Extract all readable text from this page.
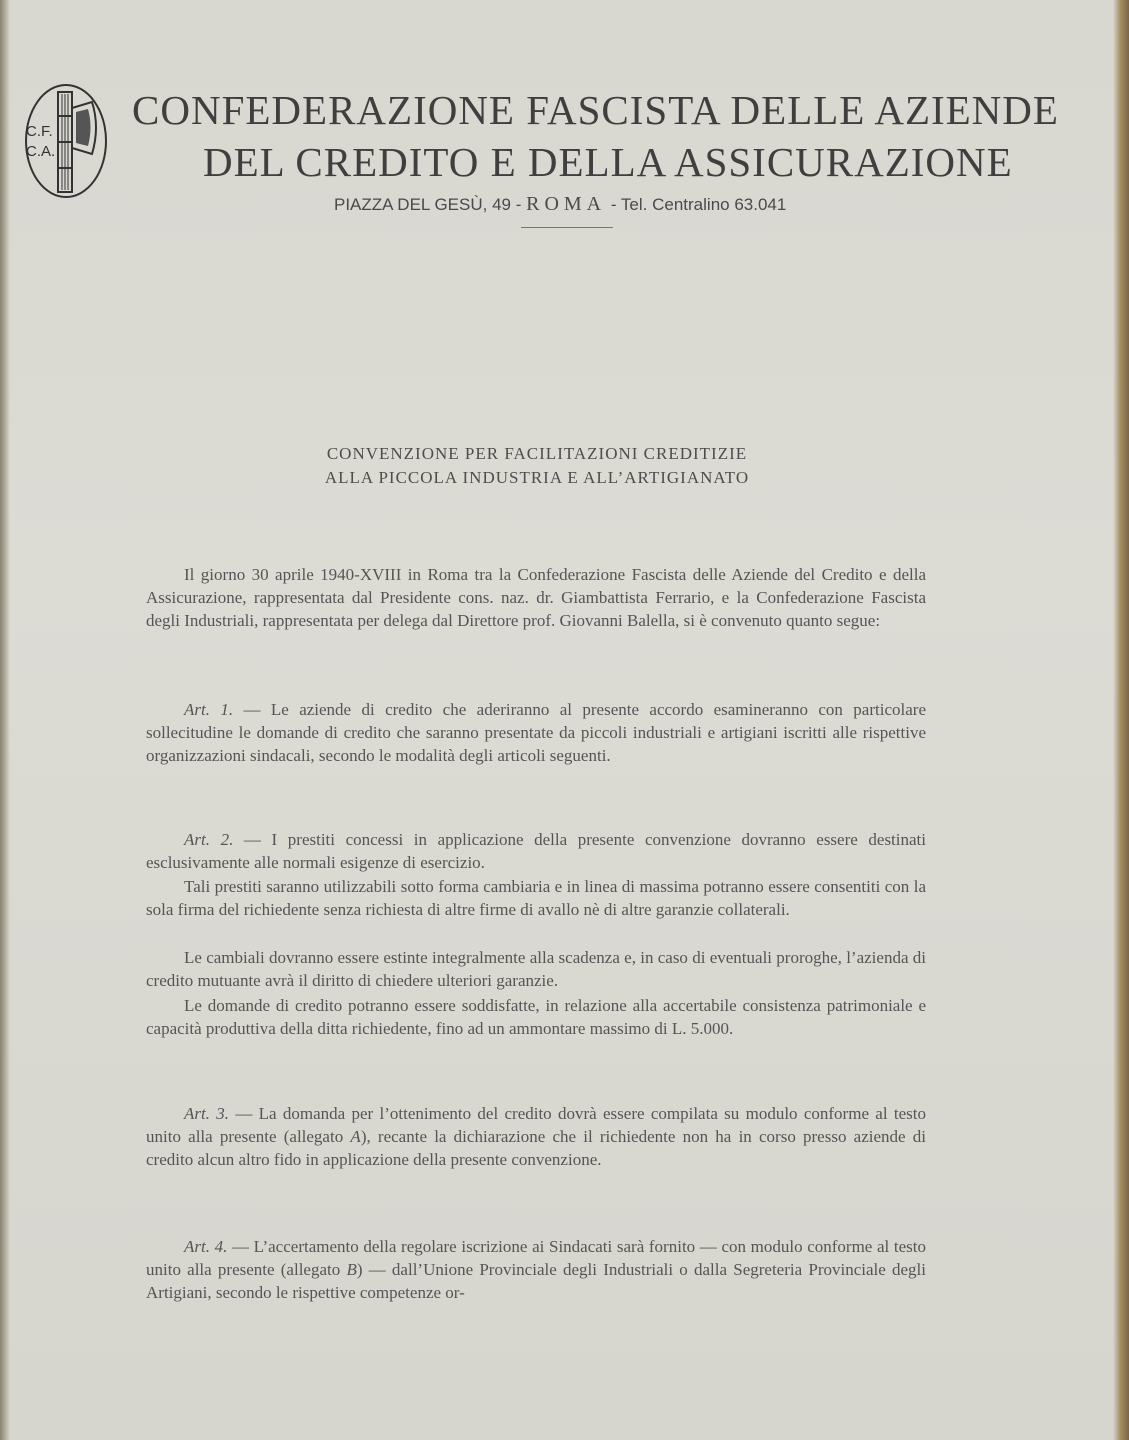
C.F.
C.A.
CONFEDERAZIONE FASCISTA DELLE AZIENDE
DEL CREDITO E DELLA ASSICURAZIONE
PIAZZA DEL GESÙ, 49 - ROMA - Tel. Centralino 63.041
CONVENZIONE PER FACILITAZIONI CREDITIZIE
ALLA PICCOLA INDUSTRIA E ALL’ARTIGIANATO

Il giorno 30 aprile 1940-XVIII in Roma tra la Confederazione Fascista delle Aziende del Credito e della Assicurazione, rappresentata dal Presidente cons. naz. dr. Giambattista Ferrario, e la Confederazione Fascista degli Industriali, rappresentata per delega dal Direttore prof. Giovanni Balella, si è convenuto quanto segue:

Art. 1. — Le aziende di credito che aderiranno al presente accordo esamineranno con particolare sollecitudine le domande di credito che saranno presentate da piccoli industriali e artigiani iscritti alle rispettive organizzazioni sindacali, secondo le modalità degli articoli seguenti.

Art. 2. — I prestiti concessi in applicazione della presente convenzione dovranno essere destinati esclusivamente alle normali esigenze di esercizio.

Tali prestiti saranno utilizzabili sotto forma cambiaria e in linea di massima potranno essere consentiti con la sola firma del richiedente senza richiesta di altre firme di avallo nè di altre garanzie collaterali.

Le cambiali dovranno essere estinte integralmente alla scadenza e, in caso di eventuali proroghe, l’azienda di credito mutuante avrà il diritto di chiedere ulteriori garanzie.

Le domande di credito potranno essere soddisfatte, in relazione alla accertabile consistenza patrimoniale e capacità produttiva della ditta richiedente, fino ad un ammontare massimo di L. 5.000.

Art. 3. — La domanda per l’ottenimento del credito dovrà essere compilata su modulo conforme al testo unito alla presente (allegato A), recante la dichiarazione che il richiedente non ha in corso presso aziende di credito alcun altro fido in applicazione della presente convenzione.

Art. 4. — L’accertamento della regolare iscrizione ai Sindacati sarà fornito — con modulo conforme al testo unito alla presente (allegato B) — dall’Unione Provinciale degli Industriali o dalla Segreteria Provinciale degli Artigiani, secondo le rispettive competenze or-
